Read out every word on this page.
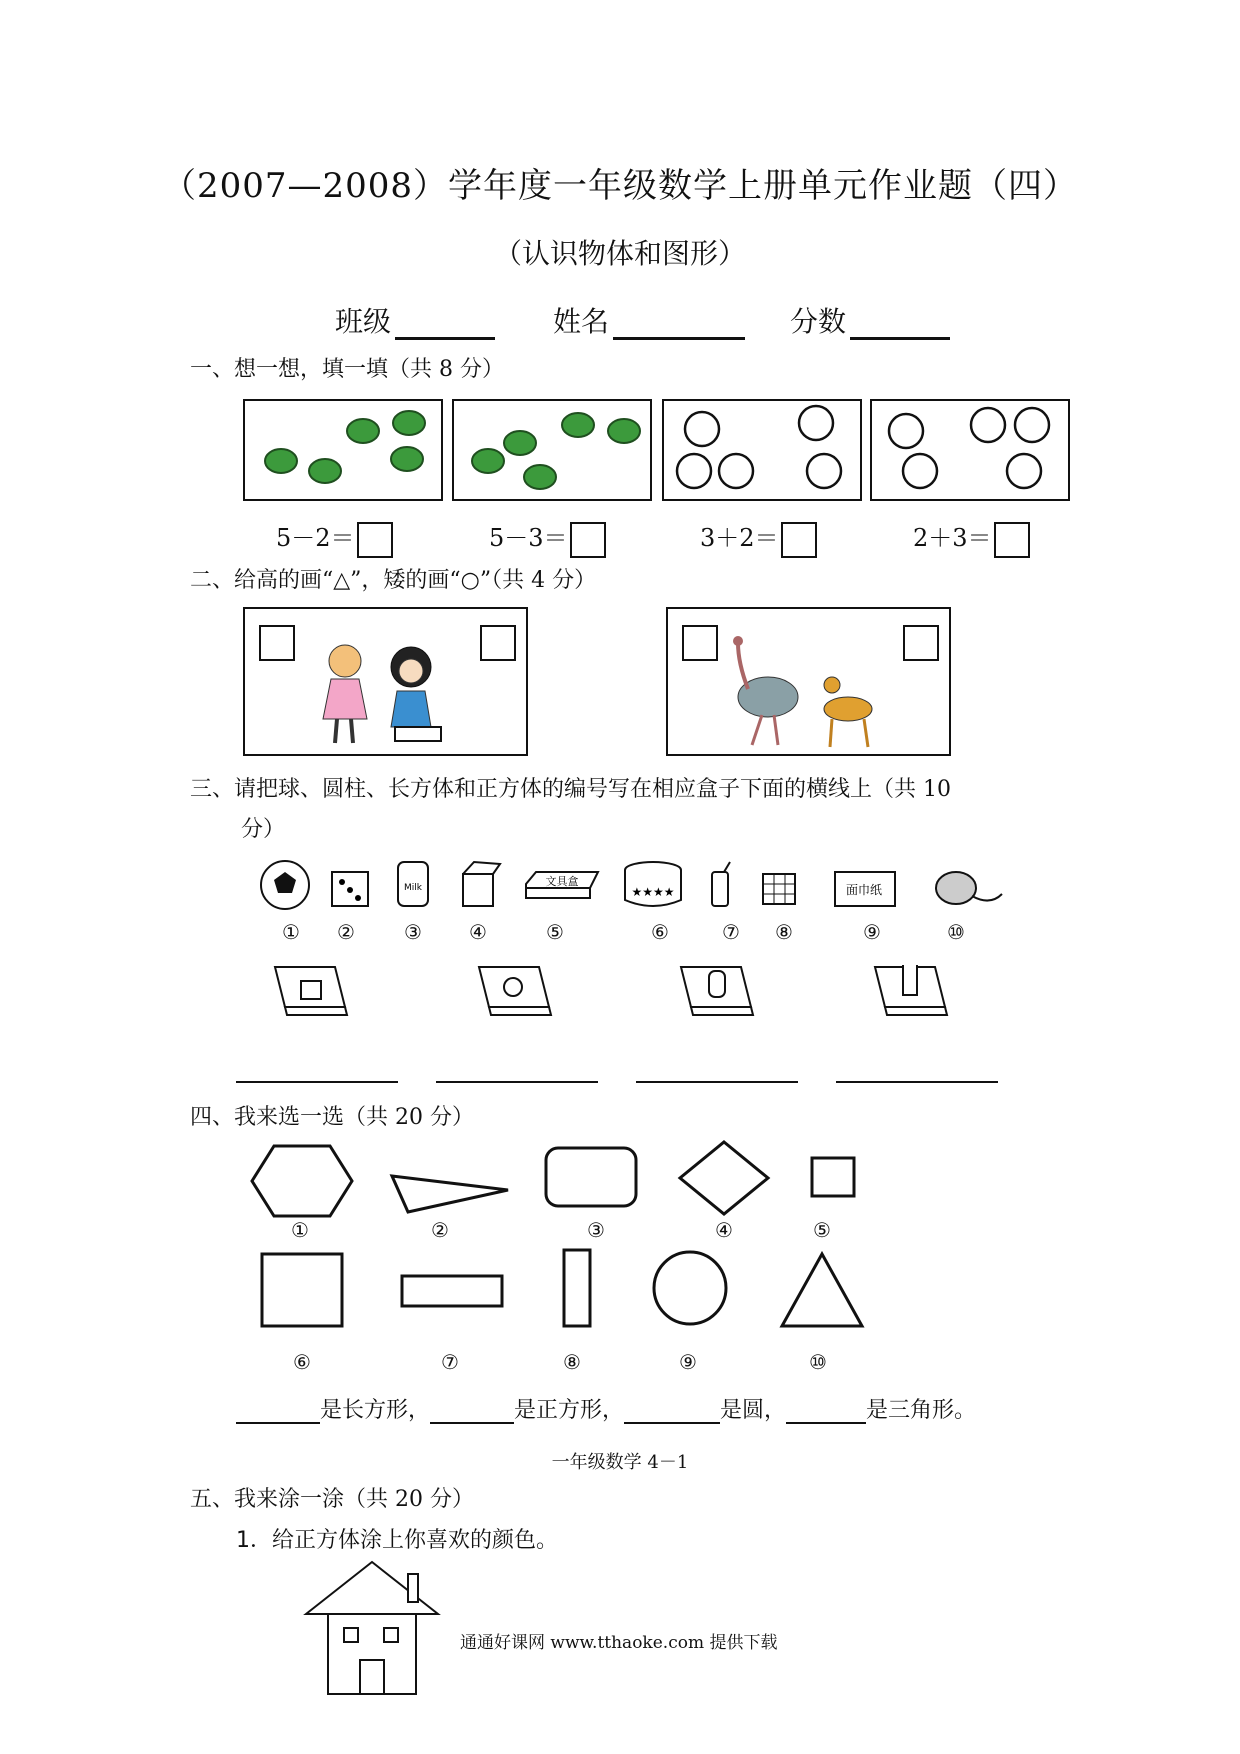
（2007—2008）学年度一年级数学上册单元作业题（四）
（认识物体和图形）
班级	姓名	分数
一、想一想，填一填（共 8 分）
5－2＝	5－3＝	3＋2＝	2＋3＝
二、给高的画“△”，矮的画“○”（共 4 分）
三、请把球、圆柱、长方体和正方体的编号写在相应盒子下面的横线上（共 10
分）
Milk	文具盒
★★★★	面巾纸
①	②	③	④	⑤	⑥	⑦	⑧	⑨	⑩
四、我来选一选（共 20 分）
①	②	③	④	⑤
⑥	⑦	⑧	⑨	⑩
是长方形，	是正方形，	是圆，	是三角形。
一年级数学 4－1
五、我来涂一涂（共 20 分）
1．给正方体涂上你喜欢的颜色。
通通好课网 www.tthaoke.com 提供下载
